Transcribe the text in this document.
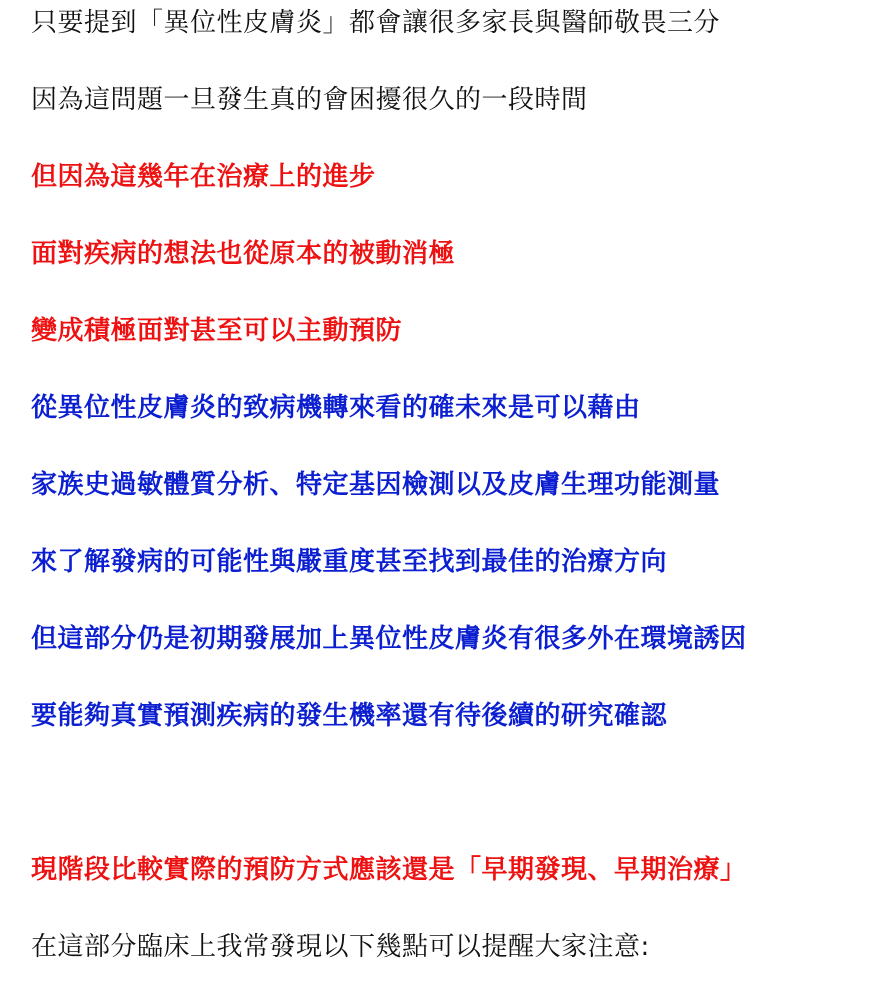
只要提到「異位性皮膚炎」都會讓很多家長與醫師敬畏三分
因為這問題一旦發生真的會困擾很久的一段時間
但因為這幾年在治療上的進步
面對疾病的想法也從原本的被動消極
變成積極面對甚至可以主動預防
從異位性皮膚炎的致病機轉來看的確未來是可以藉由
家族史過敏體質分析、特定基因檢測以及皮膚生理功能測量
來了解發病的可能性與嚴重度甚至找到最佳的治療方向
但這部分仍是初期發展加上異位性皮膚炎有很多外在環境誘因
要能夠真實預測疾病的發生機率還有待後續的研究確認
現階段比較實際的預防方式應該還是「早期發現、早期治療」
在這部分臨床上我常發現以下幾點可以提醒大家注意:
